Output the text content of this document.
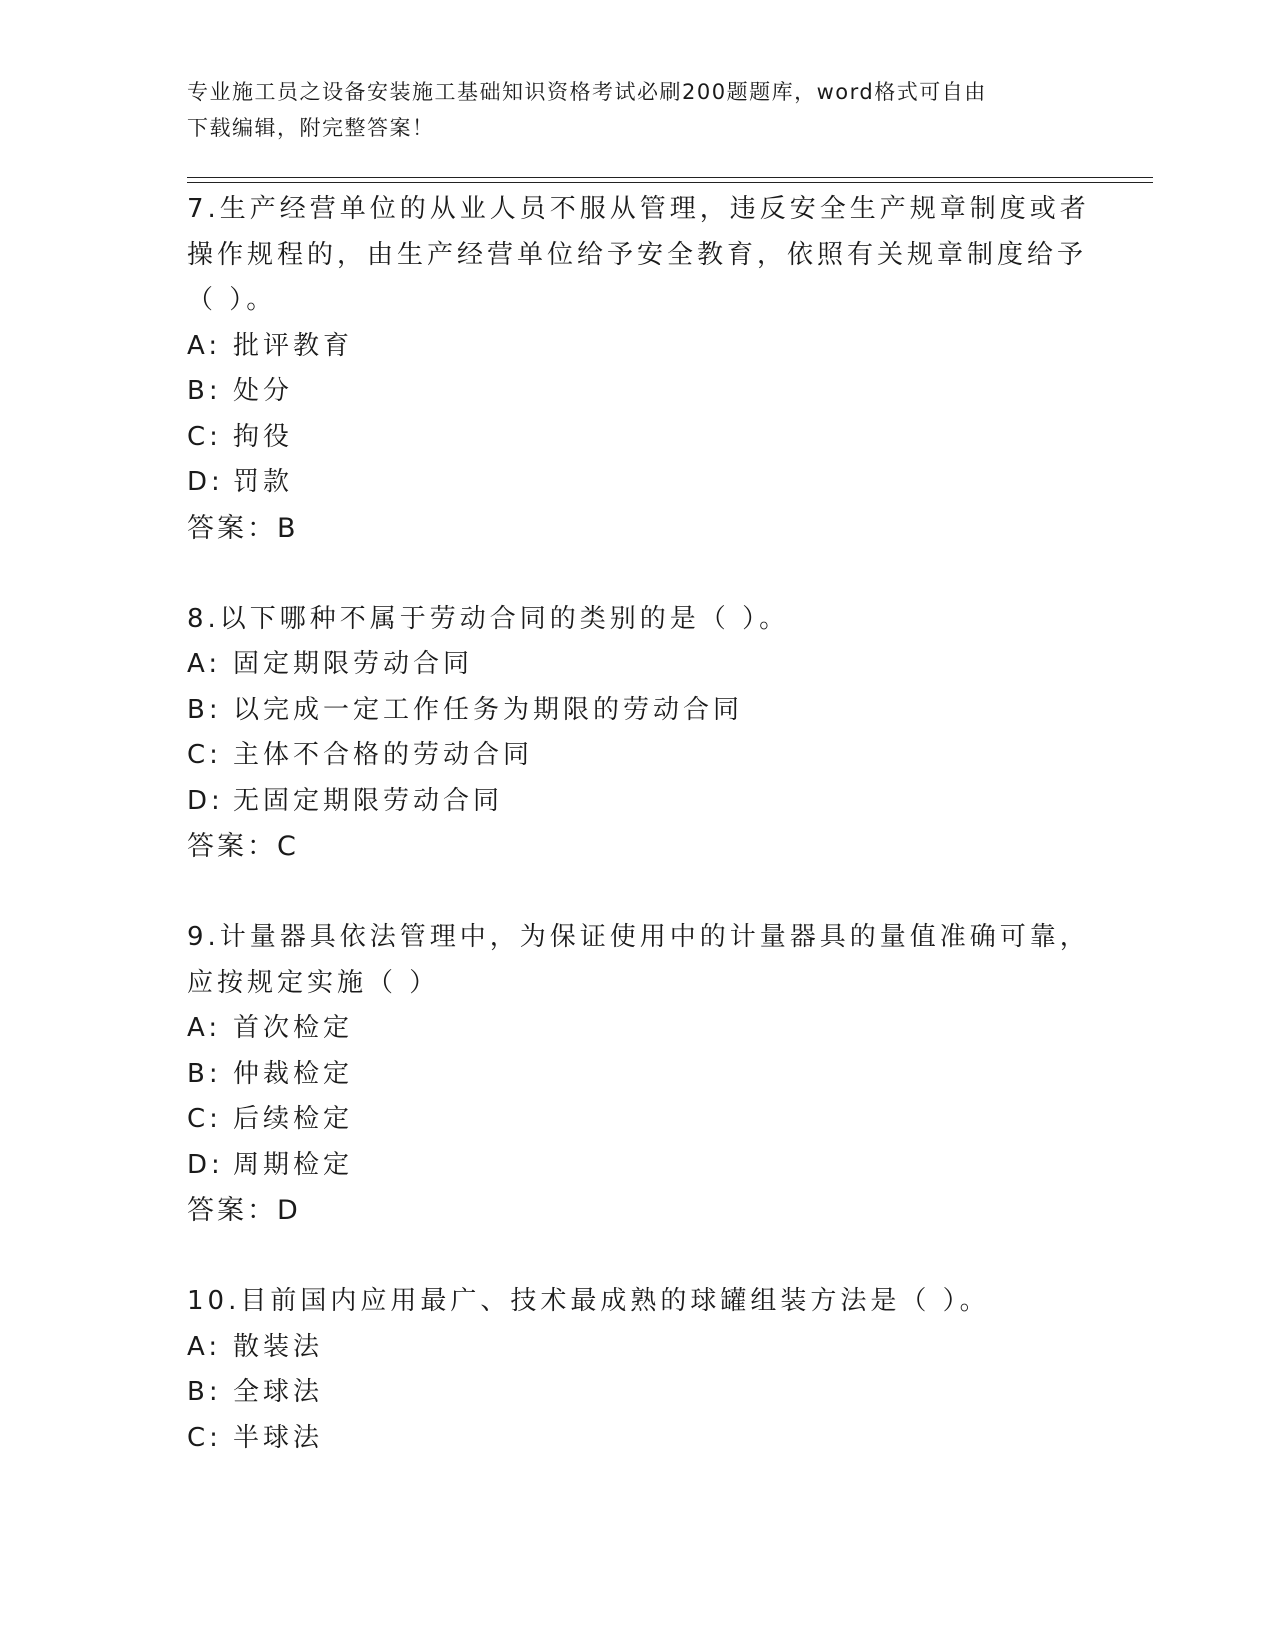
专业施工员之设备安装施工基础知识资格考试必刷200题题库，word格式可自由
下载编辑，附完整答案！
7.生产经营单位的从业人员不服从管理，违反安全生产规章制度或者
操作规程的，由生产经营单位给予安全教育，依照有关规章制度给予
（ ）。
A: 批评教育
B: 处分
C: 拘役
D: 罚款
答案：B
8.以下哪种不属于劳动合同的类别的是（ ）。
A: 固定期限劳动合同
B: 以完成一定工作任务为期限的劳动合同
C: 主体不合格的劳动合同
D: 无固定期限劳动合同
答案：C
9.计量器具依法管理中，为保证使用中的计量器具的量值准确可靠，
应按规定实施（ ）
A: 首次检定
B: 仲裁检定
C: 后续检定
D: 周期检定
答案：D
10.目前国内应用最广、技术最成熟的球罐组装方法是（ ）。
A: 散装法
B: 全球法
C: 半球法
